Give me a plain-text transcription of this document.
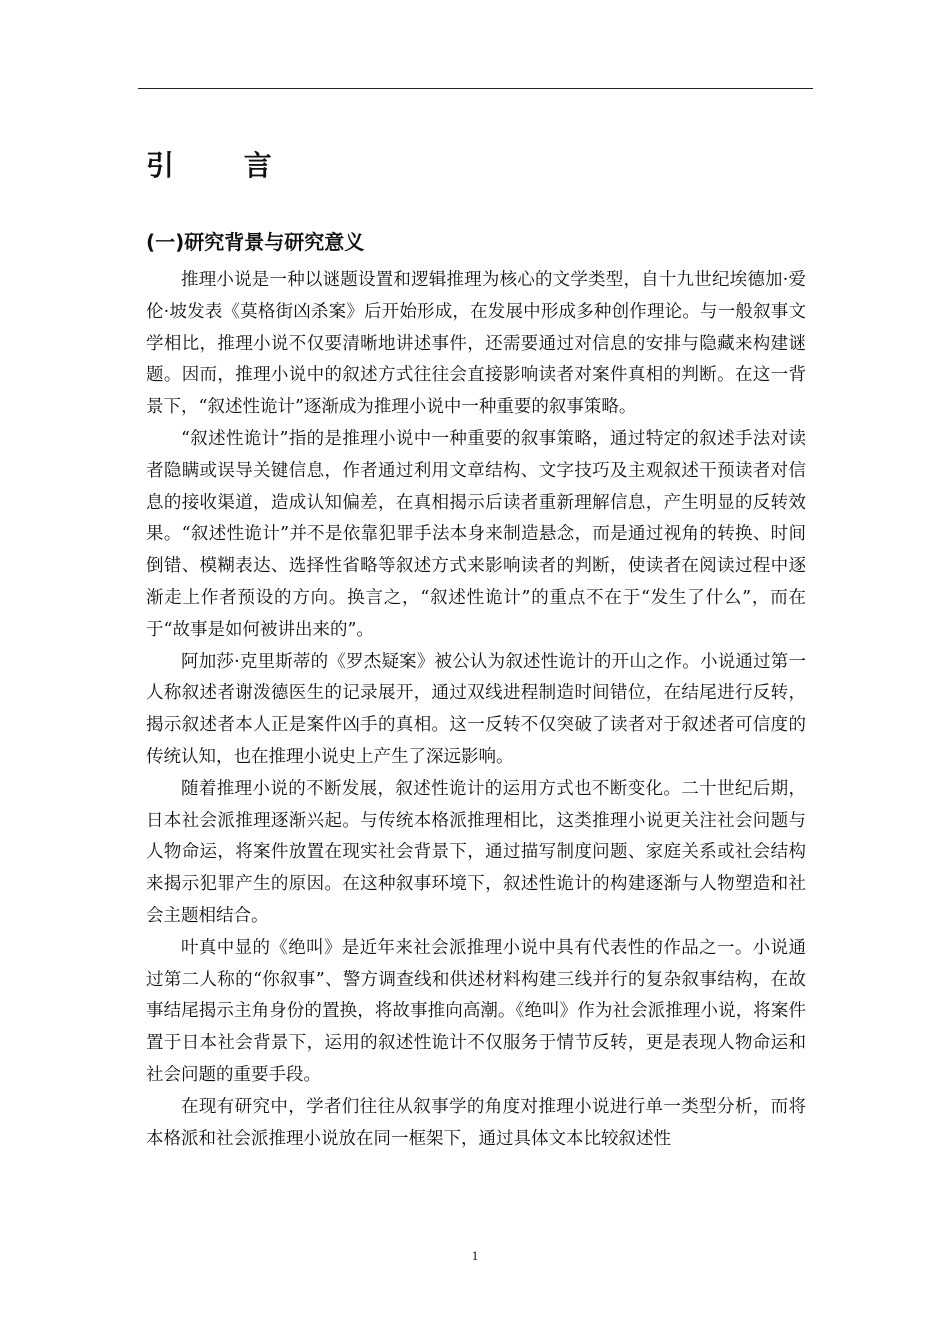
引 言
(一)研究背景与研究意义

推理小说是一种以谜题设置和逻辑推理为核心的文学类型，自十九世纪埃德加·爱伦·坡发表《莫格街凶杀案》后开始形成，在发展中形成多种创作理论。与一般叙事文学相比，推理小说不仅要清晰地讲述事件，还需要通过对信息的安排与隐藏来构建谜题。因而，推理小说中的叙述方式往往会直接影响读者对案件真相的判断。在这一背景下，“叙述性诡计”逐渐成为推理小说中一种重要的叙事策略。

“叙述性诡计”指的是推理小说中一种重要的叙事策略，通过特定的叙述手法对读者隐瞒或误导关键信息，作者通过利用文章结构、文字技巧及主观叙述干预读者对信息的接收渠道，造成认知偏差，在真相揭示后读者重新理解信息，产生明显的反转效果。“叙述性诡计”并不是依靠犯罪手法本身来制造悬念，而是通过视角的转换、时间倒错、模糊表达、选择性省略等叙述方式来影响读者的判断，使读者在阅读过程中逐渐走上作者预设的方向。换言之，“叙述性诡计”的重点不在于“发生了什么”，而在于“故事是如何被讲出来的”。

阿加莎·克里斯蒂的《罗杰疑案》被公认为叙述性诡计的开山之作。小说通过第一人称叙述者谢泼德医生的记录展开，通过双线进程制造时间错位，在结尾进行反转，揭示叙述者本人正是案件凶手的真相。这一反转不仅突破了读者对于叙述者可信度的传统认知，也在推理小说史上产生了深远影响。

随着推理小说的不断发展，叙述性诡计的运用方式也不断变化。二十世纪后期，日本社会派推理逐渐兴起。与传统本格派推理相比，这类推理小说更关注社会问题与人物命运，将案件放置在现实社会背景下，通过描写制度问题、家庭关系或社会结构来揭示犯罪产生的原因。在这种叙事环境下，叙述性诡计的构建逐渐与人物塑造和社会主题相结合。

叶真中显的《绝叫》是近年来社会派推理小说中具有代表性的作品之一。小说通过第二人称的“你叙事”、警方调查线和供述材料构建三线并行的复杂叙事结构，在故事结尾揭示主角身份的置换，将故事推向高潮。《绝叫》作为社会派推理小说，将案件置于日本社会背景下，运用的叙述性诡计不仅服务于情节反转，更是表现人物命运和社会问题的重要手段。

在现有研究中，学者们往往从叙事学的角度对推理小说进行单一类型分析，而将本格派和社会派推理小说放在同一框架下，通过具体文本比较叙述性

1
